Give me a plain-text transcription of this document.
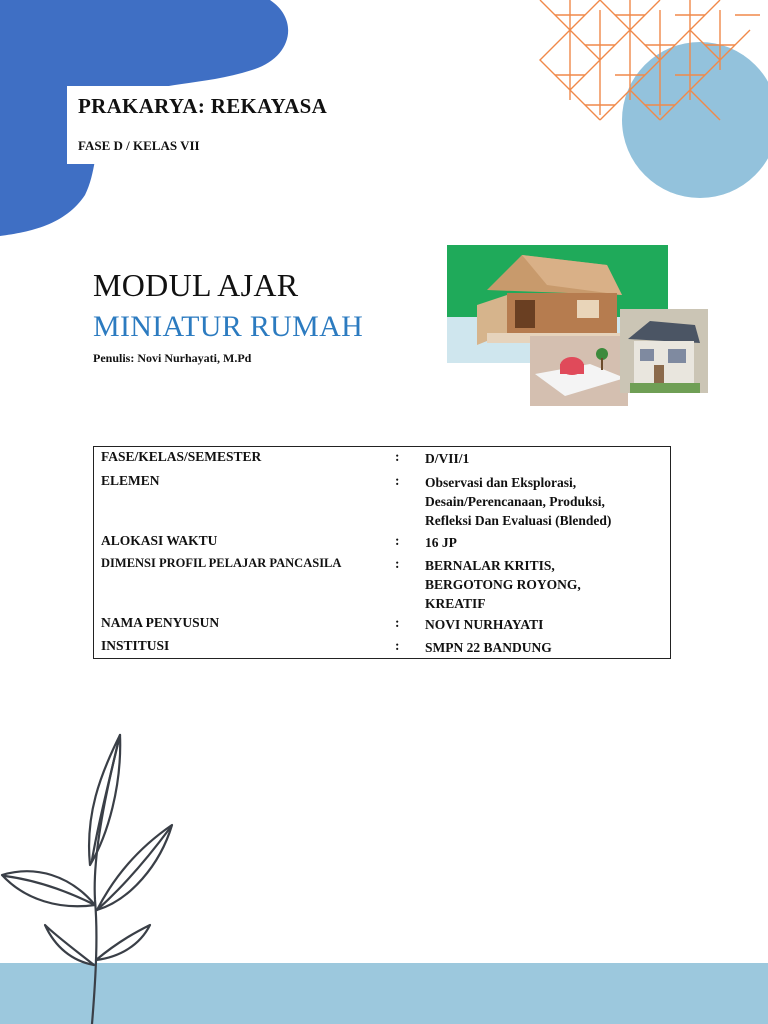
PRAKARYA: REKAYASA
FASE D / KELAS VII
MODUL AJAR
MINIATUR RUMAH
Penulis: Novi Nurhayati, M.Pd
FASE/KELAS/SEMESTER	: D/VII/1
ELEMEN	: Observasi dan Eksplorasi,
Desain/Perencanaan, Produksi,
Refleksi Dan Evaluasi (Blended)
ALOKASI WAKTU	: 16 JP
DIMENSI PROFIL PELAJAR PANCASILA	: BERNALAR KRITIS,
BERGOTONG ROYONG,
KREATIF
NAMA PENYUSUN	: NOVI NURHAYATI
INSTITUSI	: SMPN 22 BANDUNG
